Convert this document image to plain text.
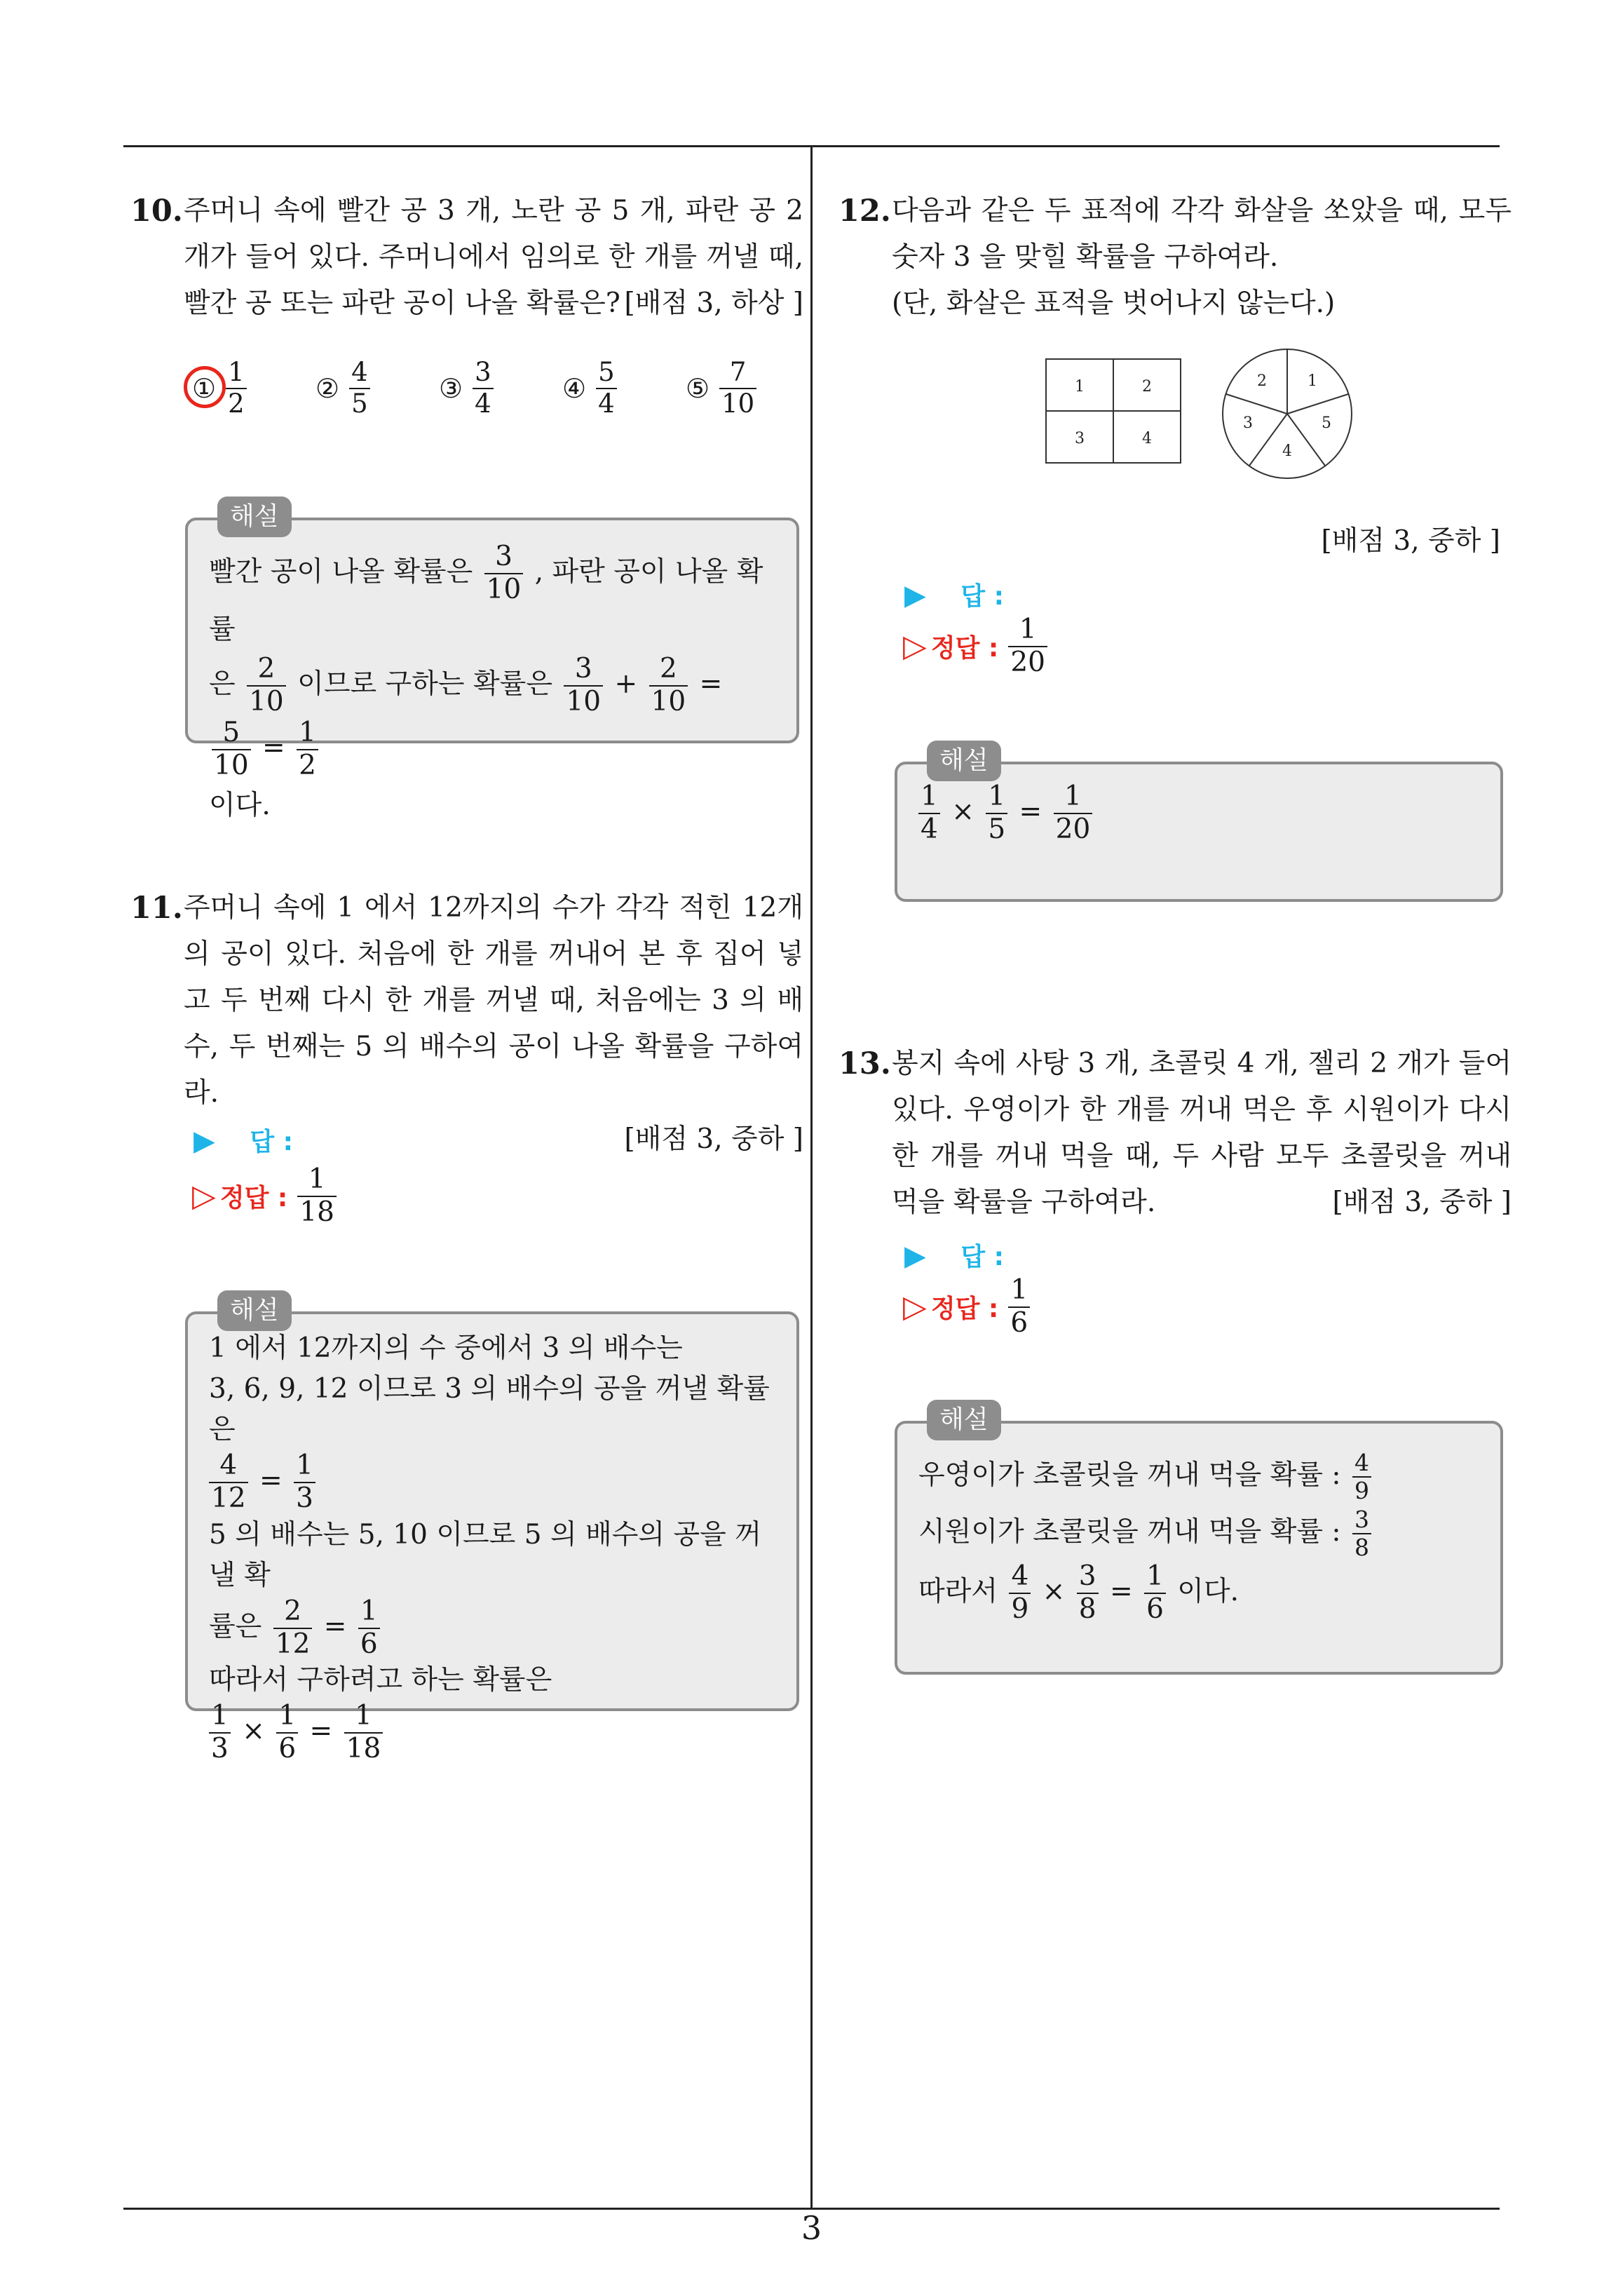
3
10. 주머니 속에 빨간 공 3 개, 노란 공 5 개, 파란 공 2 개가 들어 있다. 주머니에서 임의로 한 개를 꺼낼 때, 빨간 공 또는 파란 공이 나올 확률은? [배점 3, 하상 ]
①
1
2	②
4
5	③
3
4	④
5
4	⑤
7
10
해설
빨간 공이 나올 확률은 $\frac{3}{10}$ , 파란 공이 나올 확률
은 $\frac{2}{10}$ 이므로 구하는 확률은 $\frac{3}{10} + \frac{2}{10}$ =
$\frac{5}{10} = \frac{1}{2}$
이다.
11. 주머니 속에 1 에서 12까지의 수가 각각 적힌 12개의 공이 있다. 처음에 한 개를 꺼내어 본 후 집어 넣고 두 번째 다시 한 개를 꺼낼 때, 처음에는 3 의 배수, 두 번째는 5 의 배수의 공이 나올 확률을 구하여라.
[배점 3, 중하 ]
▶ 답 :
▷ 정답 :
1
18
해설
1 에서 12까지의 수 중에서 3 의 배수는
3, 6, 9, 12 이므로 3 의 배수의 공을 꺼낼 확률은
$\frac{4}{12} = \frac{1}{3}$
5 의 배수는 5, 10 이므로 5 의 배수의 공을 꺼낼 확
률은 $\frac{2}{12} = \frac{1}{6}$
따라서 구하려고 하는 확률은
$\frac{1}{3} \times \frac{1}{6} = \frac{1}{18}$
12. 다음과 같은 두 표적에 각각 화살을 쏘았을 때, 모두 숫자 3 을 맞힐 확률을 구하여라.
(단, 화살은 표적을 벗어나지 않는다.)
1	2
3	4
1
2
3
4
5
[배점 3, 중하 ]
▶ 답 :
▷ 정답 :
1
20
해설
$\frac{1}{4} \times \frac{1}{5} = \frac{1}{20}$
13. 봉지 속에 사탕 3 개, 초콜릿 4 개, 젤리 2 개가 들어 있다. 우영이가 한 개를 꺼내 먹은 후 시원이가 다시 한 개를 꺼내 먹을 때, 두 사람 모두 초콜릿을 꺼내 먹을 확률을 구하여라.	[배점 3, 중하 ]
▶ 답 :
▷ 정답 :
1
6
해설
우영이가 초콜릿을 꺼내 먹을 확률 : $\frac{4}{9}$
시원이가 초콜릿을 꺼내 먹을 확률 : $\frac{3}{8}$
따라서 $\frac{4}{9} \times \frac{3}{8} = \frac{1}{6}$ 이다.
